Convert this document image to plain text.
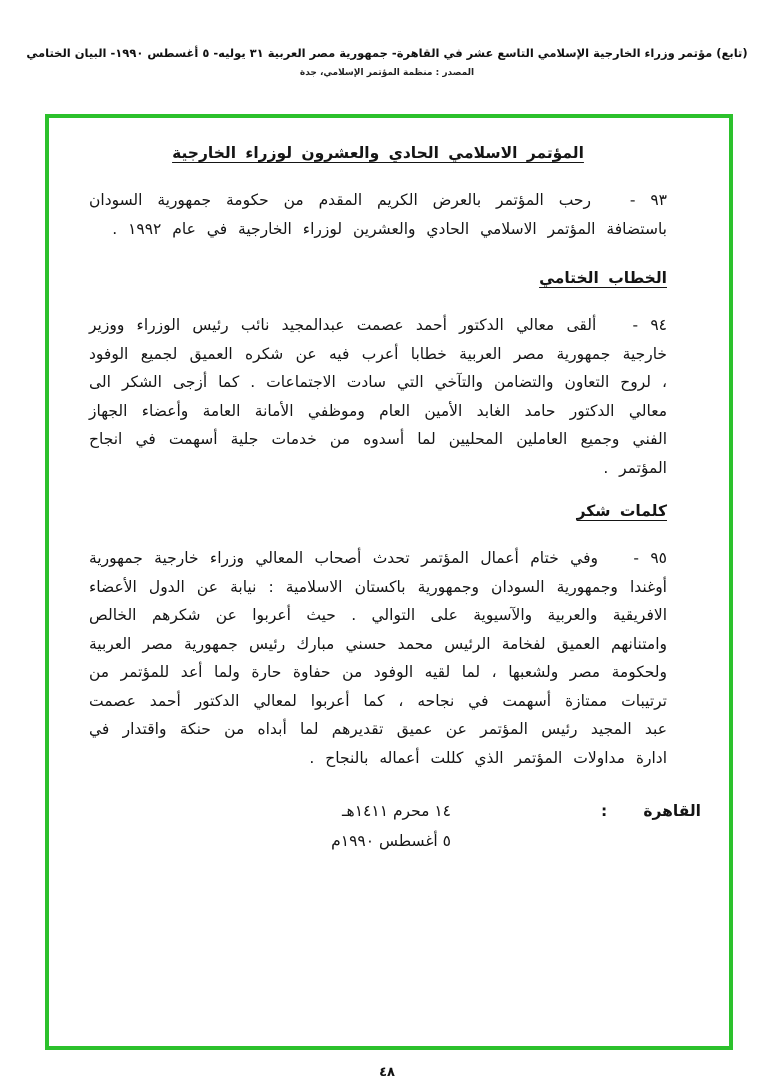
(تابع) مؤتمر وزراء الخارجية الإسلامي التاسع عشر في القاهرة- جمهورية مصر العربية ٣١ يوليه- ٥ أغسطس ١٩٩٠- البيان الختامي
المصدر : منظمة المؤتمر الإسلامي، جدة
المؤتمر الاسلامي الحادي والعشرون لوزراء الخارجية
٩٣ - رحب المؤتمر بالعرض الكريم المقدم من حكومة جمهورية السودان باستضافة المؤتمر الاسلامي الحادي والعشرين لوزراء الخارجية في عام ١٩٩٢ .
الخطاب الختامي
٩٤ - ألقى معالي الدكتور أحمد عصمت عبدالمجيد نائب رئيس الوزراء ووزير خارجية جمهورية مصر العربية خطابا أعرب فيه عن شكره العميق لجميع الوفود ، لروح التعاون والتضامن والتآخي التي سادت الاجتماعات . كما أزجى الشكر الى معالي الدكتور حامد الغابد الأمين العام وموظفي الأمانة العامة وأعضاء الجهاز الفني وجميع العاملين المحليين لما أسدوه من خدمات جلية أسهمت في انجاح المؤتمر .
كلمات شكر
٩٥ - وفي ختام أعمال المؤتمر تحدث أصحاب المعالي وزراء خارجية جمهورية أوغندا وجمهورية السودان وجمهورية باكستان الاسلامية : نيابة عن الدول الأعضاء الافريقية والعربية والآسيوية على التوالي . حيث أعربوا عن شكرهم الخالص وامتنانهم العميق لفخامة الرئيس محمد حسني مبارك رئيس جمهورية مصر العربية ولحكومة مصر ولشعبها ، لما لقيه الوفود من حفاوة حارة ولما أعد للمؤتمر من ترتيبات ممتازة أسهمت في نجاحه ، كما أعربوا لمعالي الدكتور أحمد عصمت عبد المجيد رئيس المؤتمر عن عميق تقديرهم لما أبداه من حنكة واقتدار في ادارة مداولات المؤتمر الذي كللت أعماله بالنجاح .
القاهرة
:
١٤ محرم ١٤١١هـ
٥ أغسطس ١٩٩٠م
٤٨
